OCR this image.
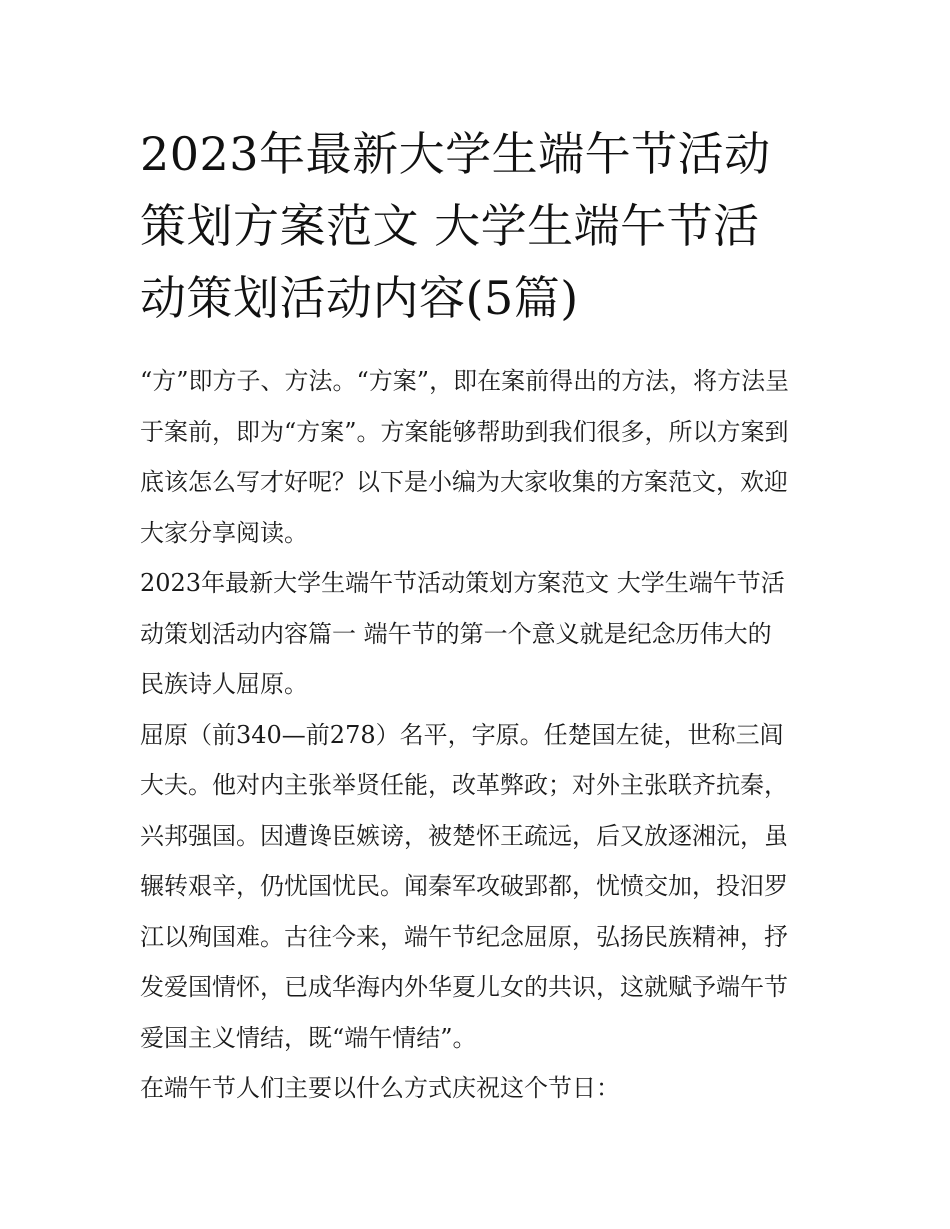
2023年最新大学生端午节活动
策划方案范文 大学生端午节活
动策划活动内容(5篇)

“方”即方子、方法。“方案”，即在案前得出的方法，将方法呈
于案前，即为“方案”。方案能够帮助到我们很多，所以方案到
底该怎么写才好呢？以下是小编为大家收集的方案范文，欢迎
大家分享阅读。

2023年最新大学生端午节活动策划方案范文 大学生端午节活
动策划活动内容篇一 端午节的第一个意义就是纪念历伟大的
民族诗人屈原。

屈原（前340—前278）名平，字原。任楚国左徒，世称三闾
大夫。他对内主张举贤任能，改革弊政；对外主张联齐抗秦，
兴邦强国。因遭谗臣嫉谤，被楚怀王疏远，后又放逐湘沅，虽
辗转艰辛，仍忧国忧民。闻秦军攻破郢都，忧愤交加，投汨罗
江以殉国难。古往今来，端午节纪念屈原，弘扬民族精神，抒
发爱国情怀，已成华海内外华夏儿女的共识，这就赋予端午节
爱国主义情结，既“端午情结”。

在端午节人们主要以什么方式庆祝这个节日：
